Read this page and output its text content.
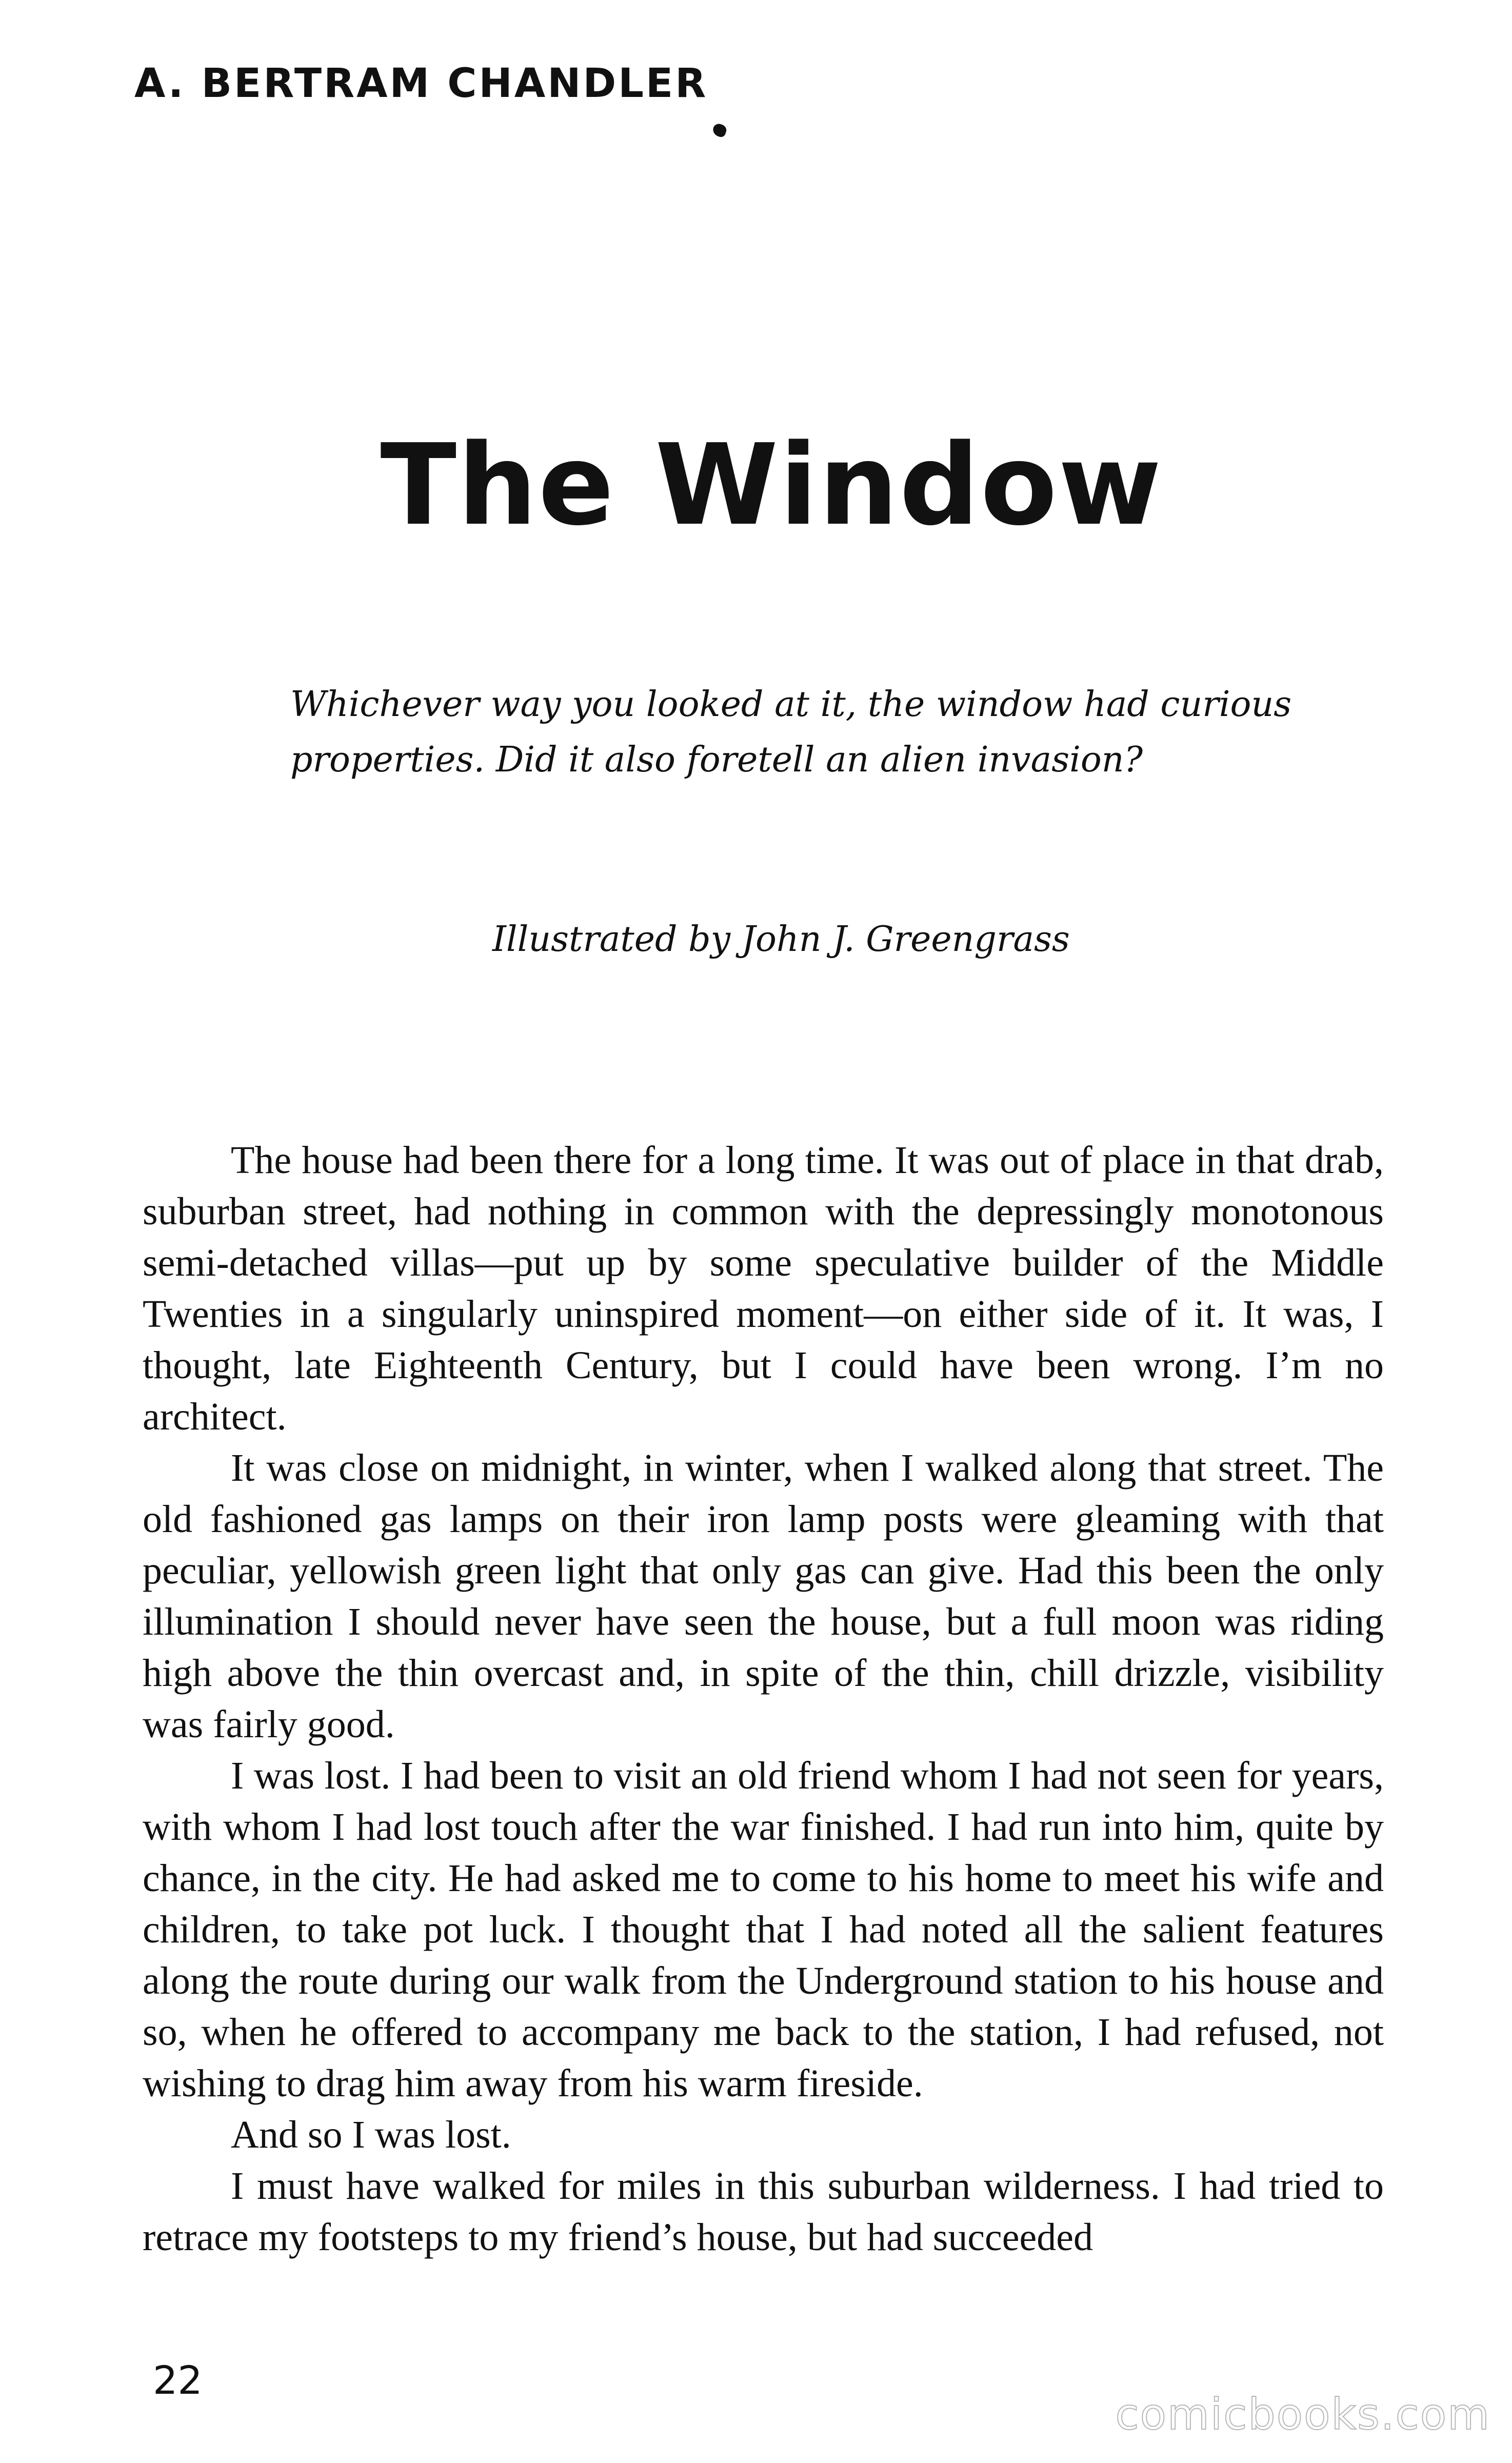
A. BERTRAM CHANDLER
The Window
Whichever way you looked at it, the window had curious
properties. Did it also foretell an alien invasion?
Illustrated by John J. Greengrass

The house had been there for a long time. It was out of place in that drab, suburban street, had nothing in common with the depressingly monotonous semi-detached villas—put up by some speculative builder of the Middle Twenties in a singularly uninspired moment—on either side of it. It was, I thought, late Eighteenth Century, but I could have been wrong. I’m no architect.

It was close on midnight, in winter, when I walked along that street. The old fashioned gas lamps on their iron lamp posts were gleaming with that peculiar, yellowish green light that only gas can give. Had this been the only illumination I should never have seen the house, but a full moon was riding high above the thin overcast and, in spite of the thin, chill drizzle, visibility was fairly good.

I was lost. I had been to visit an old friend whom I had not seen for years, with whom I had lost touch after the war finished. I had run into him, quite by chance, in the city. He had asked me to come to his home to meet his wife and children, to take pot luck. I thought that I had noted all the salient features along the route during our walk from the Underground station to his house and so, when he offered to accompany me back to the station, I had refused, not wishing to drag him away from his warm fireside.

And so I was lost.

I must have walked for miles in this suburban wilderness. I had tried to retrace my footsteps to my friend’s house, but had succeeded

22
comicbooks.com
